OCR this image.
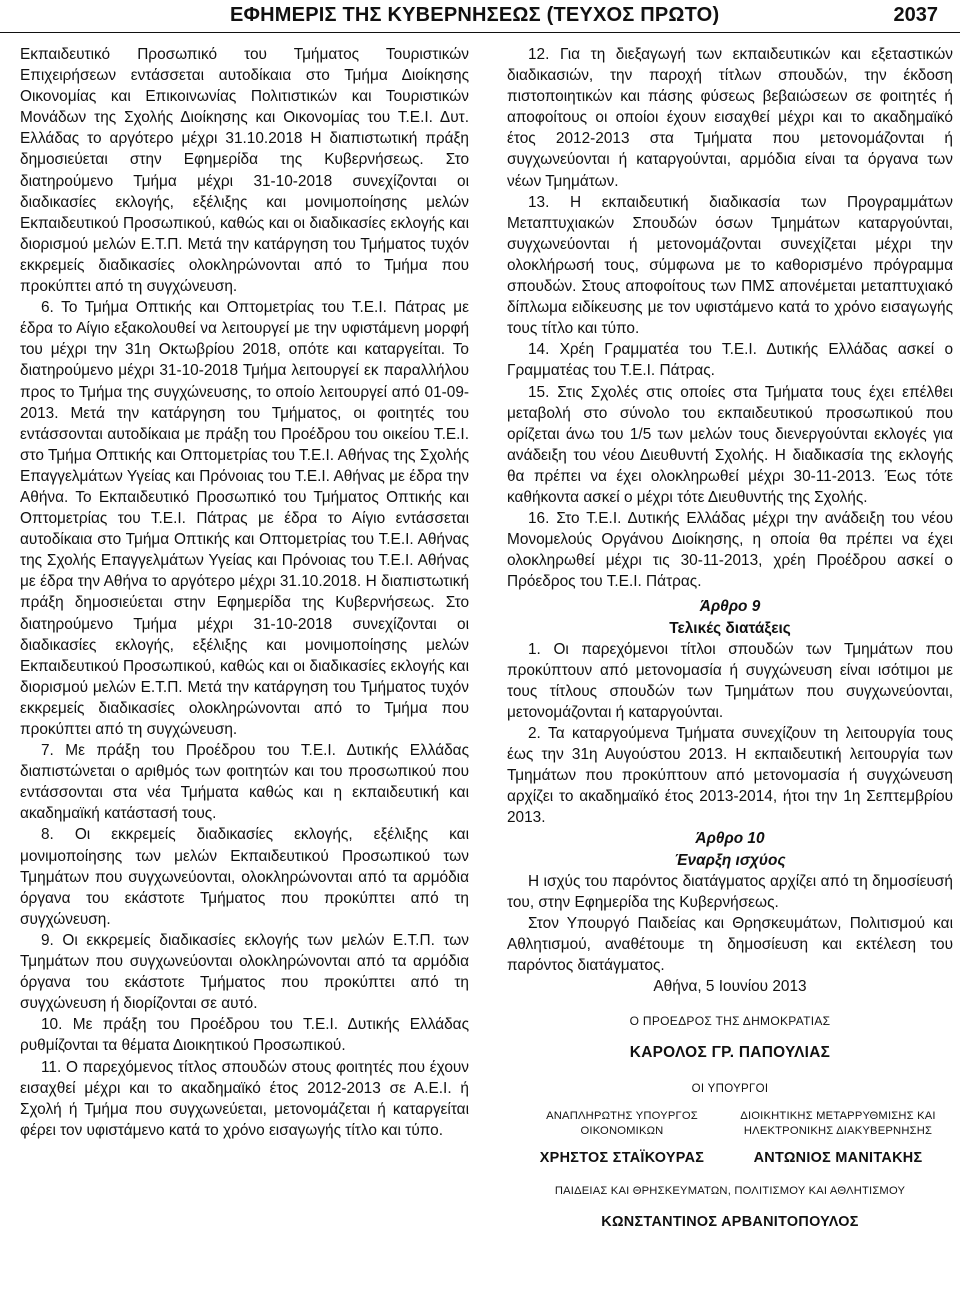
ΕΦΗΜΕΡΙΣ ΤΗΣ ΚΥΒΕΡΝΗΣΕΩΣ (ΤΕΥΧΟΣ ΠΡΩΤΟ)	2037

Εκπαιδευτικό Προσωπικό του Τμήματος Τουριστικών Επιχειρήσεων εντάσσεται αυτοδίκαια στο Τμήμα Διοίκησης Οικονομίας και Επικοινωνίας Πολιτιστικών και Τουριστικών Μονάδων της Σχολής Διοίκησης και Οικονομίας του Τ.Ε.Ι. Δυτ. Ελλάδας το αργότερο μέχρι 31.10.2018 Η διαπιστωτική πράξη δημοσιεύεται στην Εφημερίδα της Κυβερνήσεως. Στο διατηρούμενο Τμήμα μέχρι 31-10-2018 συνεχίζονται οι διαδικασίες εκλογής, εξέλιξης και μονιμοποίησης μελών Εκπαιδευτικού Προσωπικού, καθώς και οι διαδικασίες εκλογής και διορισμού μελών Ε.Τ.Π. Μετά την κατάργηση του Τμήματος τυχόν εκκρεμείς διαδικασίες ολοκληρώνονται από το Τμήμα που προκύπτει από τη συγχώνευση.

6. Το Τμήμα Οπτικής και Οπτομετρίας του Τ.Ε.Ι. Πάτρας με έδρα το Αίγιο εξακολουθεί να λειτουργεί με την υφιστάμενη μορφή του μέχρι την 31η Οκτωβρίου 2018, οπότε και καταργείται. Το διατηρούμενο μέχρι 31-10-2018 Τμήμα λειτουργεί εκ παραλλήλου προς το Τμήμα της συγχώνευσης, το οποίο λειτουργεί από 01-09-2013. Μετά την κατάργηση του Τμήματος, οι φοιτητές του εντάσσονται αυτοδίκαια με πράξη του Προέδρου του οικείου Τ.Ε.Ι. στο Τμήμα Οπτικής και Οπτομετρίας του Τ.Ε.Ι. Αθήνας της Σχολής Επαγγελμάτων Υγείας και Πρόνοιας του Τ.Ε.Ι. Αθήνας με έδρα την Αθήνα. Το Εκπαιδευτικό Προσωπικό του Τμήματος Οπτικής και Οπτομετρίας του Τ.Ε.Ι. Πάτρας με έδρα το Αίγιο εντάσσεται αυτοδίκαια στο Τμήμα Οπτικής και Οπτομετρίας του Τ.Ε.Ι. Αθήνας της Σχολής Επαγγελμάτων Υγείας και Πρόνοιας του Τ.Ε.Ι. Αθήνας με έδρα την Αθήνα το αργότερο μέχρι 31.10.2018. Η διαπιστωτική πράξη δημοσιεύεται στην Εφημερίδα της Κυβερνήσεως. Στο διατηρούμενο Τμήμα μέχρι 31-10-2018 συνεχίζονται οι διαδικασίες εκλογής, εξέλιξης και μονιμοποίησης μελών Εκπαιδευτικού Προσωπικού, καθώς και οι διαδικασίες εκλογής και διορισμού μελών Ε.Τ.Π. Μετά την κατάργηση του Τμήματος τυχόν εκκρεμείς διαδικασίες ολοκληρώνονται από το Τμήμα που προκύπτει από τη συγχώνευση.

7. Με πράξη του Προέδρου του Τ.Ε.Ι. Δυτικής Ελλάδας διαπιστώνεται ο αριθμός των φοιτητών και του προσωπικού που εντάσσονται στα νέα Τμήματα καθώς και η εκπαιδευτική και ακαδημαϊκή κατάστασή τους.

8. Οι εκκρεμείς διαδικασίες εκλογής, εξέλιξης και μονιμοποίησης των μελών Εκπαιδευτικού Προσωπικού των Τμημάτων που συγχωνεύονται, ολοκληρώνονται από τα αρμόδια όργανα του εκάστοτε Τμήματος που προκύπτει από τη συγχώνευση.

9. Οι εκκρεμείς διαδικασίες εκλογής των μελών Ε.Τ.Π. των Τμημάτων που συγχωνεύονται ολοκληρώνονται από τα αρμόδια όργανα του εκάστοτε Τμήματος που προκύπτει από τη συγχώνευση ή διορίζονται σε αυτό.

10. Με πράξη του Προέδρου του Τ.Ε.Ι. Δυτικής Ελλάδας ρυθμίζονται τα θέματα Διοικητικού Προσωπικού.

11. Ο παρεχόμενος τίτλος σπουδών στους φοιτητές που έχουν εισαχθεί μέχρι και το ακαδημαϊκό έτος 2012-2013 σε Α.Ε.Ι. ή Σχολή ή Τμήμα που συγχωνεύεται, μετονομάζεται ή καταργείται φέρει τον υφιστάμενο κατά το χρόνο εισαγωγής τίτλο και τύπο.

12. Για τη διεξαγωγή των εκπαιδευτικών και εξεταστικών διαδικασιών, την παροχή τίτλων σπουδών, την έκδοση πιστοποιητικών και πάσης φύσεως βεβαιώσεων σε φοιτητές ή αποφοίτους οι οποίοι έχουν εισαχθεί μέχρι και το ακαδημαϊκό έτος 2012-2013 στα Τμήματα που μετονομάζονται ή συγχωνεύονται ή καταργούνται, αρμόδια είναι τα όργανα των νέων Τμημάτων.

13. Η εκπαιδευτική διαδικασία των Προγραμμάτων Μεταπτυχιακών Σπουδών όσων Τμημάτων καταργούνται, συγχωνεύονται ή μετονομάζονται συνεχίζεται μέχρι την ολοκλήρωσή τους, σύμφωνα με το καθορισμένο πρόγραμμα σπουδών. Στους αποφοίτους των ΠΜΣ απονέμεται μεταπτυχιακό δίπλωμα ειδίκευσης με τον υφιστάμενο κατά το χρόνο εισαγωγής τους τίτλο και τύπο.

14. Χρέη Γραμματέα του Τ.Ε.Ι. Δυτικής Ελλάδας ασκεί ο Γραμματέας του Τ.Ε.Ι. Πάτρας.

15. Στις Σχολές στις οποίες στα Τμήματα τους έχει επέλθει μεταβολή στο σύνολο του εκπαιδευτικού προσωπικού που ορίζεται άνω του 1/5 των μελών τους διενεργούνται εκλογές για ανάδειξη του νέου Διευθυντή Σχολής. Η διαδικασία της εκλογής θα πρέπει να έχει ολοκληρωθεί μέχρι 30-11-2013. Έως τότε καθήκοντα ασκεί ο μέχρι τότε Διευθυντής της Σχολής.

16. Στο Τ.Ε.Ι. Δυτικής Ελλάδας μέχρι την ανάδειξη του νέου Μονομελούς Οργάνου Διοίκησης, η οποία θα πρέπει να έχει ολοκληρωθεί μέχρι τις 30-11-2013, χρέη Προέδρου ασκεί ο Πρόεδρος του Τ.Ε.Ι. Πάτρας.

Άρθρο 9

Τελικές διατάξεις

1. Οι παρεχόμενοι τίτλοι σπουδών των Τμημάτων που προκύπτουν από μετονομασία ή συγχώνευση είναι ισότιμοι με τους τίτλους σπουδών των Τμημάτων που συγχωνεύονται, μετονομάζονται ή καταργούνται.

2. Τα καταργούμενα Τμήματα συνεχίζουν τη λειτουργία τους έως την 31η Αυγούστου 2013. Η εκπαιδευτική λειτουργία των Τμημάτων που προκύπτουν από μετονομασία ή συγχώνευση αρχίζει το ακαδημαϊκό έτος 2013-2014, ήτοι την 1η Σεπτεμβρίου 2013.

Άρθρο 10

Έναρξη ισχύος

Η ισχύς του παρόντος διατάγματος αρχίζει από τη δημοσίευσή του, στην Εφημερίδα της Κυβερνήσεως.

Στον Υπουργό Παιδείας και Θρησκευμάτων, Πολιτισμού και Αθλητισμού, αναθέτουμε τη δημοσίευση και εκτέλεση του παρόντος διατάγματος.

Αθήνα, 5 Ιουνίου 2013

Ο ΠΡΟΕΔΡΟΣ ΤΗΣ ΔΗΜΟΚΡΑΤΙΑΣ
ΚΑΡΟΛΟΣ ΓΡ. ΠΑΠΟΥΛΙΑΣ
ΟΙ ΥΠΟΥΡΓΟΙ
ΑΝΑΠΛΗΡΩΤΗΣ ΥΠΟΥΡΓΟΣ ΟΙΚΟΝΟΜΙΚΩΝ
ΧΡΗΣΤΟΣ ΣΤΑΪΚΟΥΡΑΣ
ΔΙΟΙΚΗΤΙΚΗΣ ΜΕΤΑΡΡΥΘΜΙΣΗΣ ΚΑΙ ΗΛΕΚΤΡΟΝΙΚΗΣ ΔΙΑΚΥΒΕΡΝΗΣΗΣ
ΑΝΤΩΝΙΟΣ ΜΑΝΙΤΑΚΗΣ
ΠΑΙΔΕΙΑΣ ΚΑΙ ΘΡΗΣΚΕΥΜΑΤΩΝ, ΠΟΛΙΤΙΣΜΟΥ ΚΑΙ ΑΘΛΗΤΙΣΜΟΥ
ΚΩΝΣΤΑΝΤΙΝΟΣ ΑΡΒΑΝΙΤΟΠΟΥΛΟΣ
